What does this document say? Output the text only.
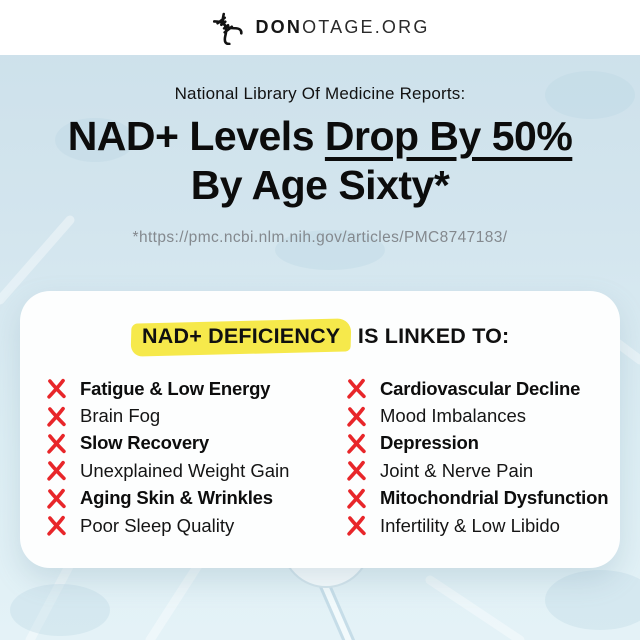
DONOTAGE.ORG
National Library Of Medicine Reports:
NAD+ Levels Drop By 50%
By Age Sixty*
*https://pmc.ncbi.nlm.nih.gov/articles/PMC8747183/
NAD+ DEFICIENCY IS LINKED TO:
Fatigue & Low Energy
Brain Fog
Slow Recovery
Unexplained Weight Gain
Aging Skin & Wrinkles
Poor Sleep Quality
Cardiovascular Decline
Mood Imbalances
Depression
Joint & Nerve Pain
Mitochondrial Dysfunction
Infertility & Low Libido
